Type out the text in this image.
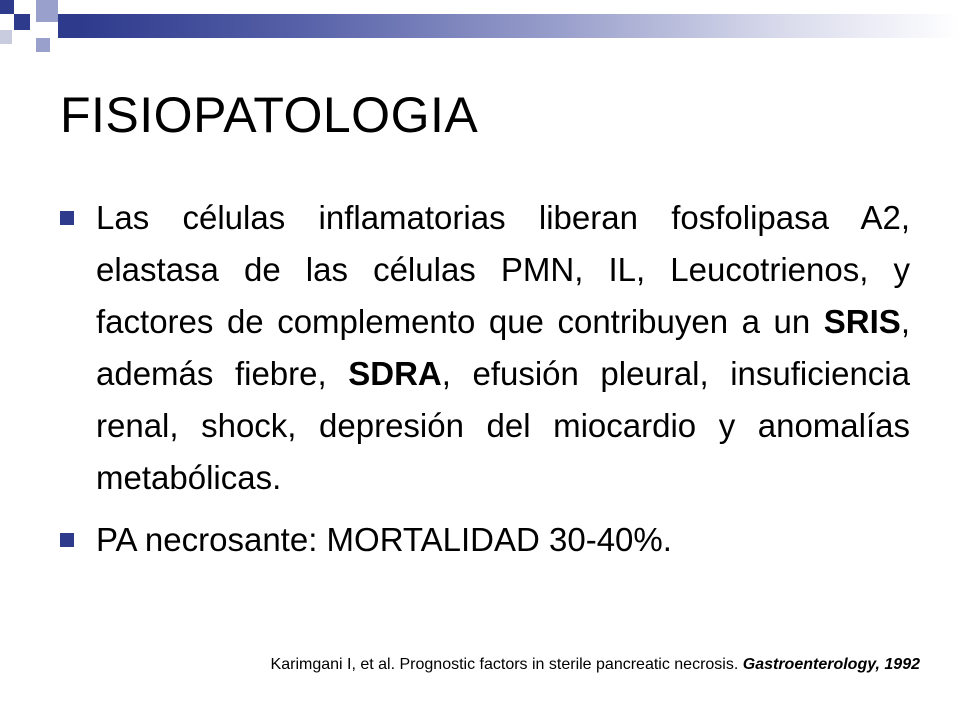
FISIOPATOLOGIA
Las células inflamatorias liberan fosfolipasa A2, elastasa de las células PMN, IL, Leucotrienos, y factores de complemento que contribuyen a un SRIS, además fiebre, SDRA, efusión pleural, insuficiencia renal, shock, depresión del miocardio y anomalías metabólicas.
PA necrosante: MORTALIDAD 30-40%.
Karimgani I, et al. Prognostic factors in sterile pancreatic necrosis. Gastroenterology, 1992
